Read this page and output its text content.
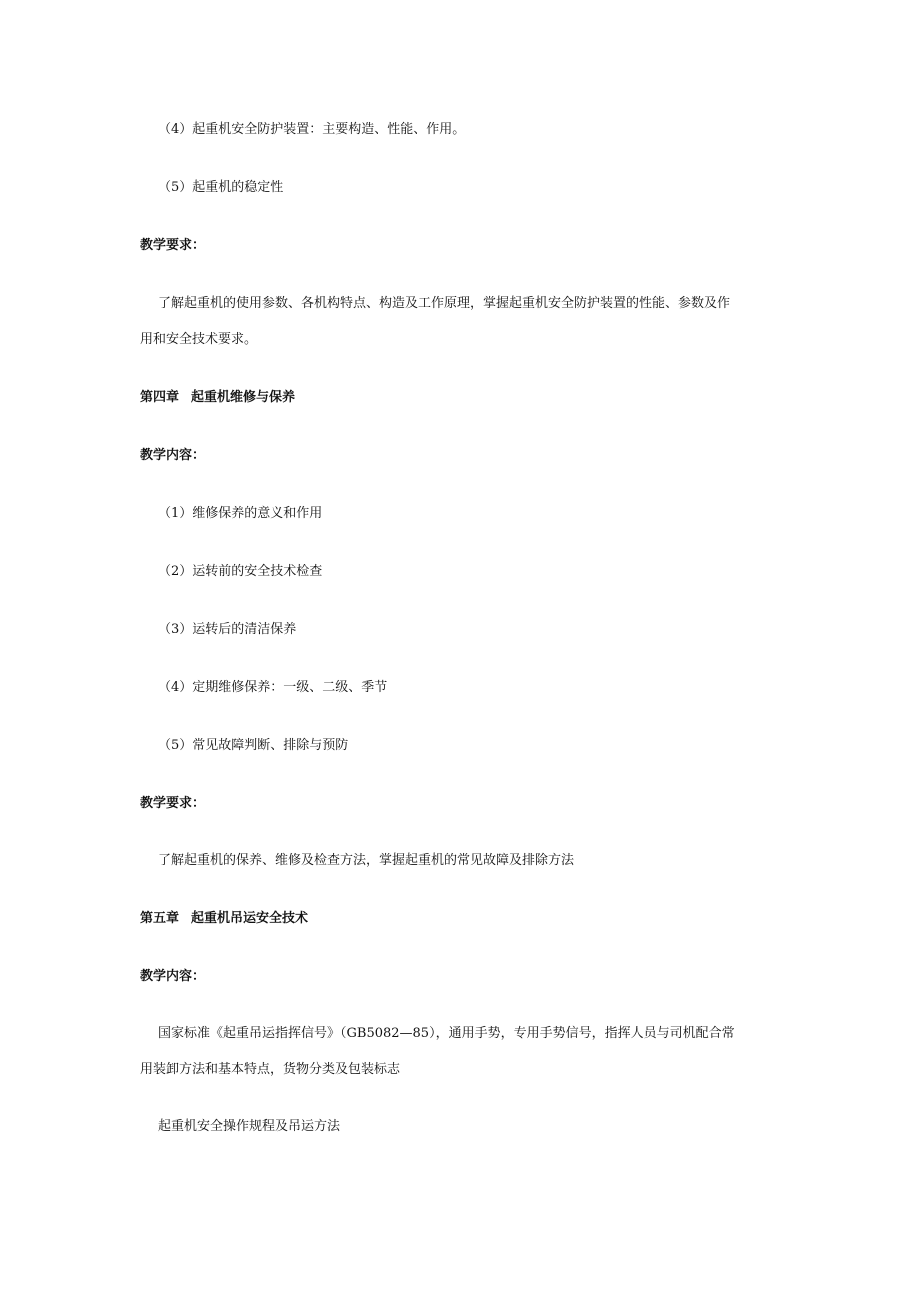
（4）起重机安全防护装置：主要构造、性能、作用。
（5）起重机的稳定性
教学要求：
了解起重机的使用参数、各机构特点、构造及工作原理，掌握起重机安全防护装置的性能、参数及作
用和安全技术要求。
第四章 起重机维修与保养
教学内容：
（1）维修保养的意义和作用
（2）运转前的安全技术检查
（3）运转后的清洁保养
（4）定期维修保养：一级、二级、季节
（5）常见故障判断、排除与预防
教学要求：
了解起重机的保养、维修及检查方法，掌握起重机的常见故障及排除方法
第五章 起重机吊运安全技术
教学内容：
国家标准《起重吊运指挥信号》（GB5082—85），通用手势，专用手势信号，指挥人员与司机配合常
用装卸方法和基本特点，货物分类及包装标志
起重机安全操作规程及吊运方法
